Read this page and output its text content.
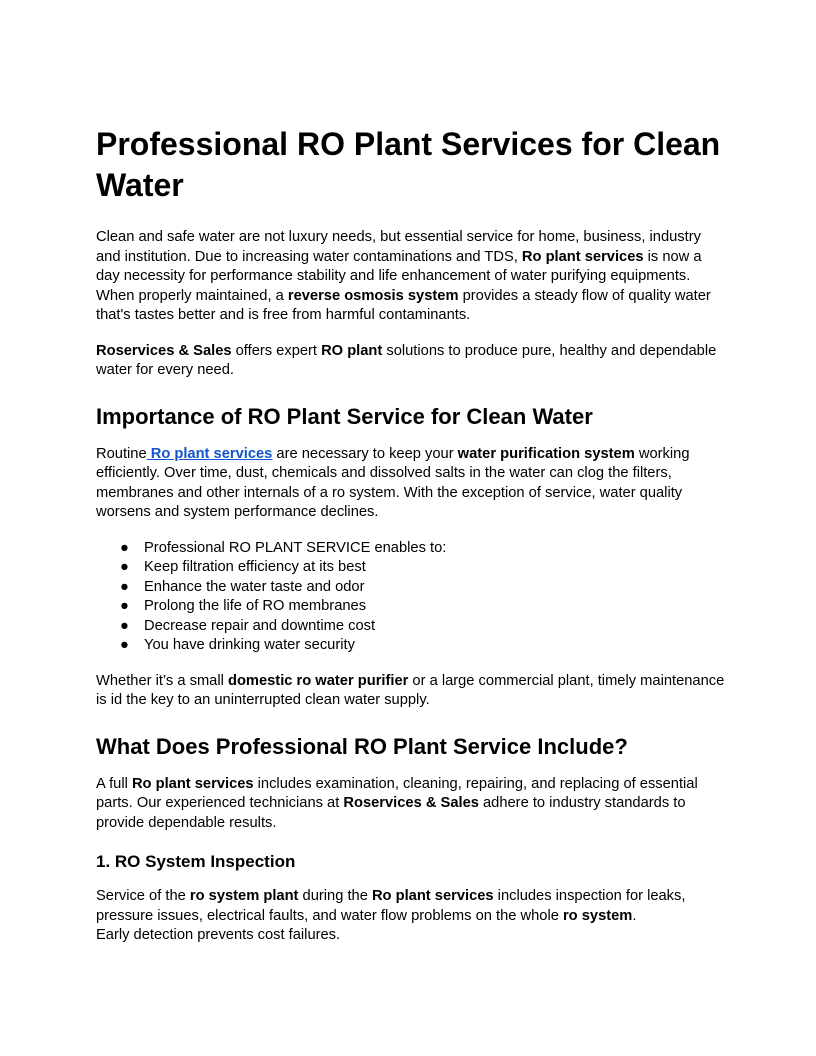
Professional RO Plant Services for Clean Water

Clean and safe water are not luxury needs, but essential service for home, business, industry and institution. Due to increasing water contaminations and TDS, Ro plant services is now a day necessity for performance stability and life enhancement of water purifying equipments. When properly maintained, a reverse osmosis system provides a steady flow of quality water that's tastes better and is free from harmful contaminants.

Roservices & Sales offers expert RO plant solutions to produce pure, healthy and dependable water for every need.

Importance of RO Plant Service for Clean Water

Routine Ro plant services are necessary to keep your water purification system working efficiently. Over time, dust, chemicals and dissolved salts in the water can clog the filters, membranes and other internals of a ro system. With the exception of service, water quality worsens and system performance declines.

● Professional RO PLANT SERVICE enables to:
● Keep filtration efficiency at its best
● Enhance the water taste and odor
● Prolong the life of RO membranes
● Decrease repair and downtime cost
● You have drinking water security

Whether it’s a small domestic ro water purifier or a large commercial plant, timely maintenance is id the key to an uninterrupted clean water supply.

What Does Professional RO Plant Service Include?

A full Ro plant services includes examination, cleaning, repairing, and replacing of essential parts. Our experienced technicians at Roservices & Sales adhere to industry standards to provide dependable results.

1. RO System Inspection

Service of the ro system plant during the Ro plant services includes inspection for leaks, pressure issues, electrical faults, and water flow problems on the whole ro system.
Early detection prevents cost failures.
